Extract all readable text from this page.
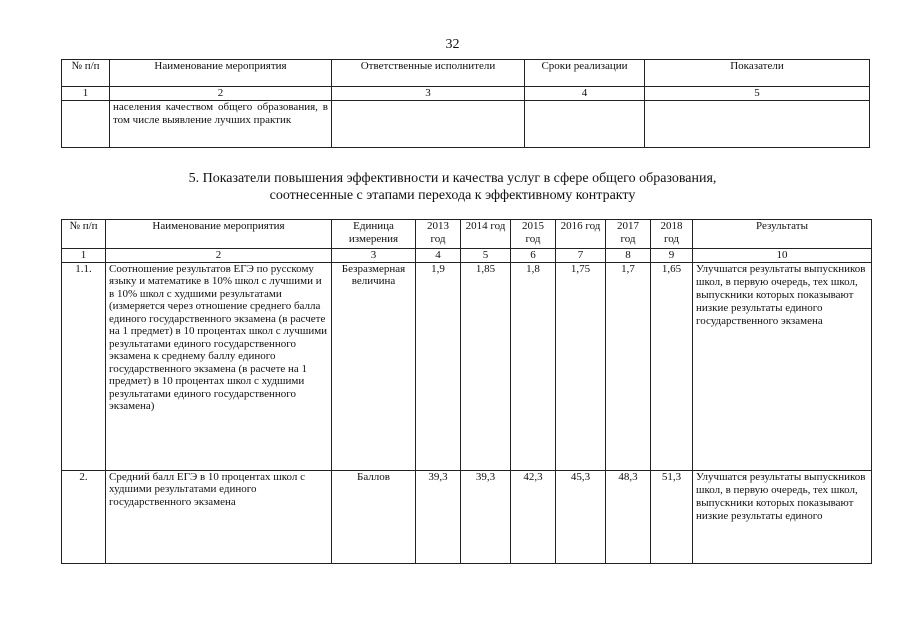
32
№ п/п	Наименование мероприятия	Ответственные исполнители	Сроки реализации	Показатели
1	2	3	4	5
	населения качеством общего образования, в том числе выявление лучших практик			
5. Показатели повышения эффективности и качества услуг в сфере общего образования,
соотнесенные с этапами перехода к эффективному контракту
№ п/п	Наименование мероприятия	Единица измерения	2013 год	2014 год	2015 год	2016 год	2017 год	2018 год	Результаты
1	2	3	4	5	6	7	8	9	10
1.1.	Соотношение результатов ЕГЭ по русскому языку и математике в 10% школ с лучшими и в 10% школ с худшими результатами (измеряется через отношение среднего балла единого государственного экзамена (в расчете на 1 предмет) в 10 процентах школ с лучшими результатами единого государственного экзамена к среднему баллу единого государственного экзамена (в расчете на 1 предмет) в 10 процентах школ с худшими результатами единого государственного экзамена)	Безразмерная величина	1,9	1,85	1,8	1,75	1,7	1,65	Улучшатся результаты выпускников школ, в первую очередь, тех школ, выпускники которых показывают низкие результаты единого государственного экзамена
2.	Средний балл ЕГЭ в 10 процентах школ с худшими результатами единого государственного экзамена	Баллов	39,3	39,3	42,3	45,3	48,3	51,3	Улучшатся результаты выпускников школ, в первую очередь, тех школ, выпускники которых показывают низкие результаты единого
